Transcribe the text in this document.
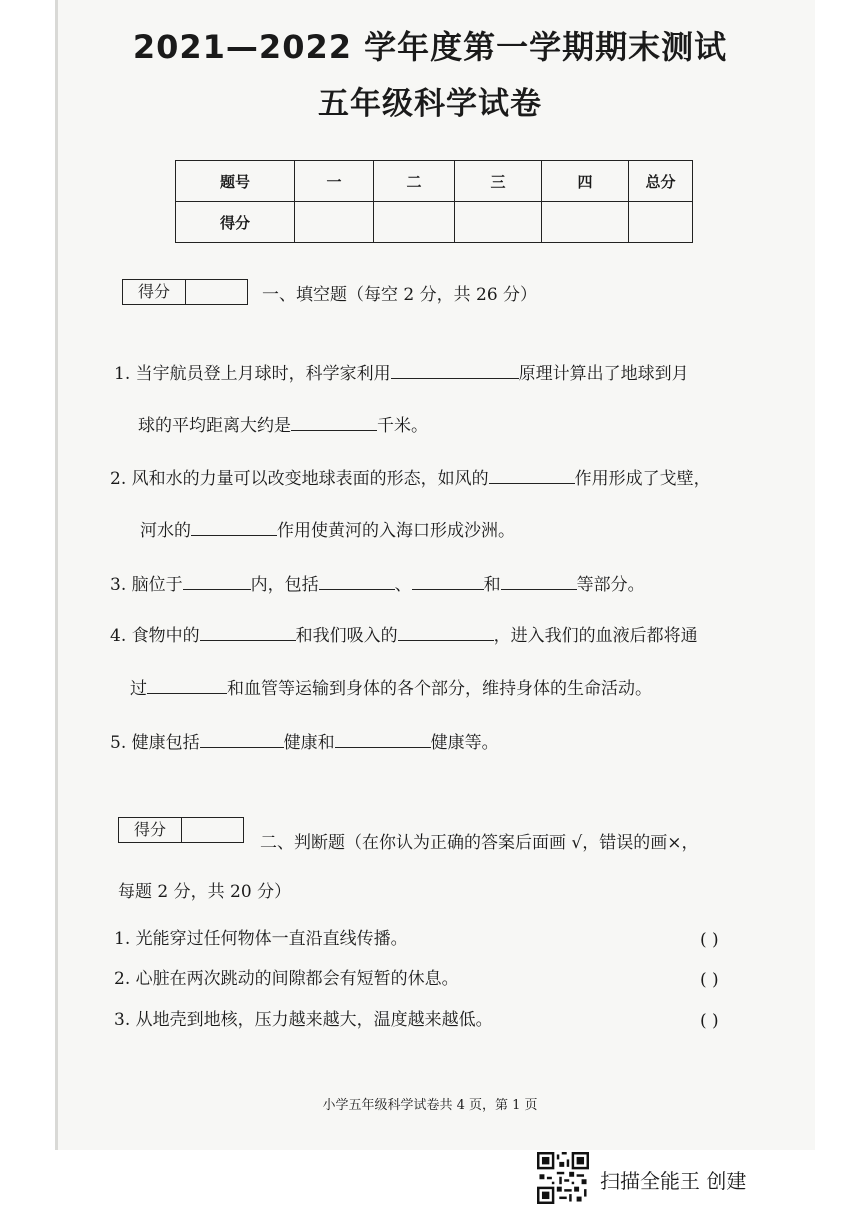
2021—2022 学年度第一学期期末测试
五年级科学试卷
题号	一	二	三	四	总分
得分					
得分	一、填空题（每空 2 分，共 26 分）
1. 当宇航员登上月球时，科学家利用	原理计算出了地球到月
球的平均距离大约是	千米。
2. 风和水的力量可以改变地球表面的形态，如风的	作用形成了戈壁，
河水的	作用使黄河的入海口形成沙洲。
3. 脑位于	内，包括	、	和	等部分。
4. 食物中的	和我们吸入的	，进入我们的血液后都将通
过	和血管等运输到身体的各个部分，维持身体的生命活动。
5. 健康包括	健康和	健康等。
得分
二、判断题（在你认为正确的答案后面画 √，错误的画×，
每题 2 分，共 20 分）
1. 光能穿过任何物体一直沿直线传播。	( )
2. 心脏在两次跳动的间隙都会有短暂的休息。	( )
3. 从地壳到地核，压力越来越大，温度越来越低。	( )
小学五年级科学试卷共 4 页，第 1 页
扫描全能王 创建
